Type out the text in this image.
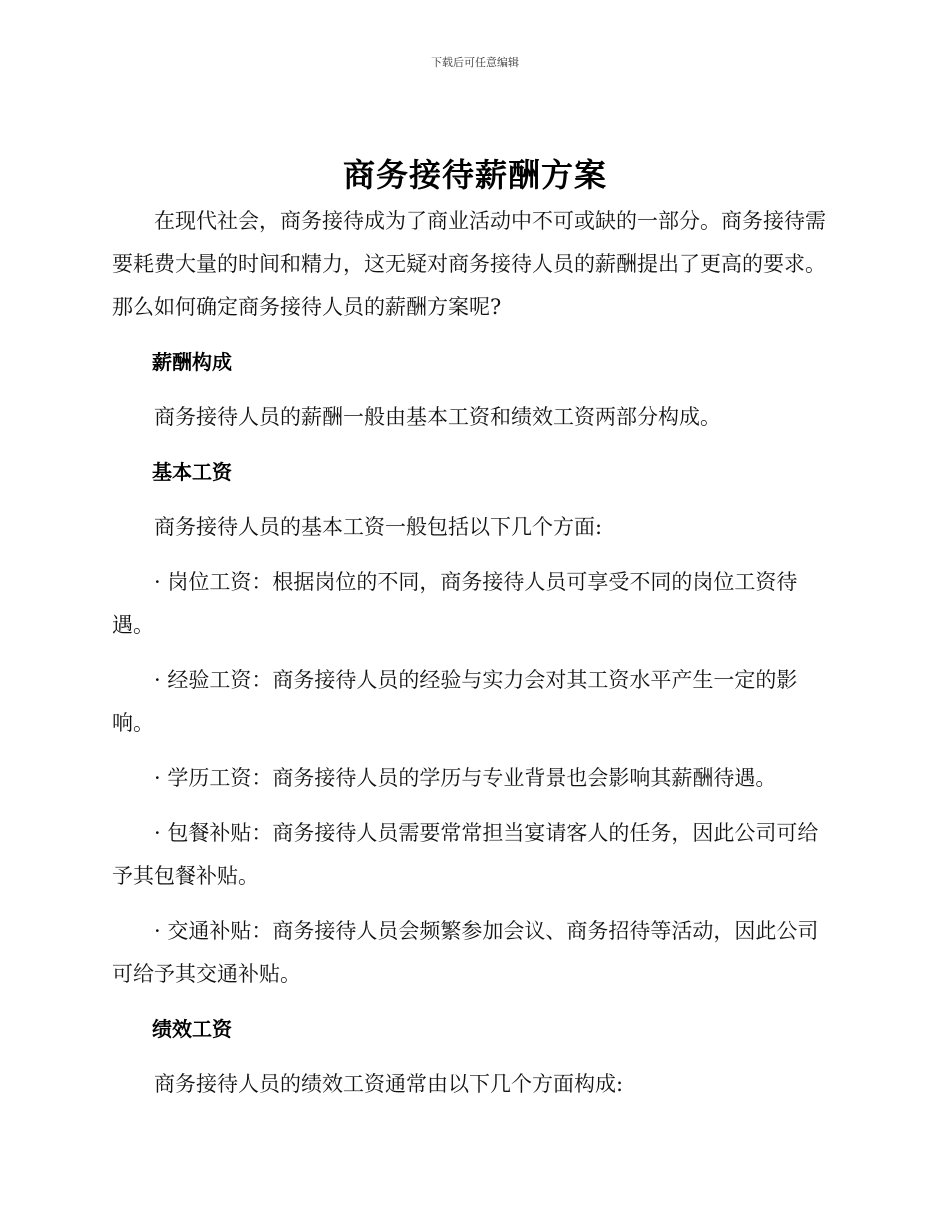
下载后可任意编辑
商务接待薪酬方案

在现代社会，商务接待成为了商业活动中不可或缺的一部分。商务接待需要耗费大量的时间和精力，这无疑对商务接待人员的薪酬提出了更高的要求。那么如何确定商务接待人员的薪酬方案呢?

薪酬构成

商务接待人员的薪酬一般由基本工资和绩效工资两部分构成。

基本工资

商务接待人员的基本工资一般包括以下几个方面:

· 岗位工资：根据岗位的不同，商务接待人员可享受不同的岗位工资待遇。

· 经验工资：商务接待人员的经验与实力会对其工资水平产生一定的影响。

· 学历工资：商务接待人员的学历与专业背景也会影响其薪酬待遇。

· 包餐补贴：商务接待人员需要常常担当宴请客人的任务，因此公司可给予其包餐补贴。

· 交通补贴：商务接待人员会频繁参加会议、商务招待等活动，因此公司可给予其交通补贴。

绩效工资

商务接待人员的绩效工资通常由以下几个方面构成:
